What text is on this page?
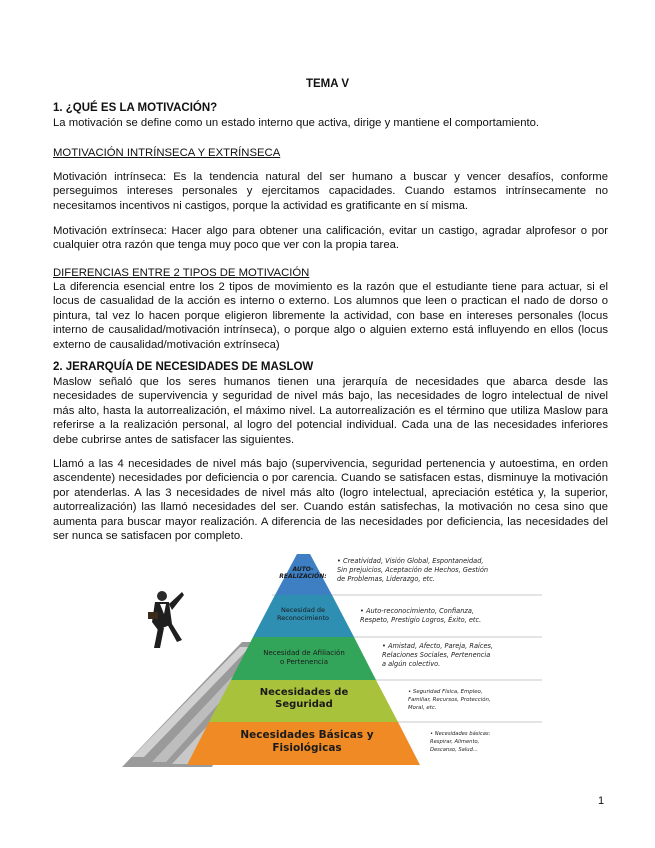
TEMA V
1. ¿QUÉ ES LA MOTIVACIÓN?
La motivación se define como un estado interno que activa, dirige y mantiene el comportamiento.
MOTIVACIÓN INTRÍNSECA Y EXTRÍNSECA
Motivación intrínseca: Es la tendencia natural del ser humano a buscar y vencer desafíos, conforme perseguimos intereses personales y ejercitamos capacidades. Cuando estamos intrínsecamente no necesitamos incentivos ni castigos, porque la actividad es gratificante en sí misma.
Motivación extrínseca: Hacer algo para obtener una calificación, evitar un castigo, agradar alprofesor o por cualquier otra razón que tenga muy poco que ver con la propia tarea.
DIFERENCIAS ENTRE 2 TIPOS DE MOTIVACIÓN
La diferencia esencial entre los 2 tipos de movimiento es la razón que el estudiante tiene para actuar, si el locus de casualidad de la acción es interno o externo. Los alumnos que leen o practican el nado de dorso o pintura, tal vez lo hacen porque eligieron libremente la actividad, con base en intereses personales (locus interno de causalidad/motivación intrínseca), o porque algo o alguien externo está influyendo en ellos (locus externo de causalidad/motivación extrínseca)
2. JERARQUÍA DE NECESIDADES DE MASLOW
Maslow señaló que los seres humanos tienen una jerarquía de necesidades que abarca desde las necesidades de supervivencia y seguridad de nivel más bajo, las necesidades de logro intelectual de nivel más alto, hasta la autorrealización, el máximo nivel. La autorrealización es el término que utiliza Maslow para referirse a la realización personal, al logro del potencial individual. Cada una de las necesidades inferiores debe cubrirse antes de satisfacer las siguientes.
Llamó a las 4 necesidades de nivel más bajo (supervivencia, seguridad pertenencia y autoestima, en orden ascendente) necesidades por deficiencia o por carencia. Cuando se satisfacen estas, disminuye la motivación por atenderlas. A las 3 necesidades de nivel más alto (logro intelectual, apreciación estética y, la superior, autorrealización) las llamó necesidades del ser. Cuando están satisfechas, la motivación no cesa sino que aumenta para buscar mayor realización. A diferencia de las necesidades por deficiencia, las necesidades del ser nunca se satisfacen por completo.
AUTO-
REALIZACIÓN:
Necesidad de
Reconocimiento
Necesidad de Afiliación
o Pertenencia
Necesidades de
Seguridad
Necesidades Básicas y
Fisiológicas
• Creatividad, Visión Global, Espontaneidad,
Sin prejuicios, Aceptación de Hechos, Gestión
de Problemas, Liderazgo, etc.
• Auto-reconocimiento, Confianza,
Respeto, Prestigio Logros, Éxito, etc.
• Amistad, Afecto, Pareja, Raíces,
Relaciones Sociales, Pertenencia
a algún colectivo.
• Seguridad Física, Empleo,
Familiar, Recursos, Protección,
Moral, etc.
• Necesidades básicas:
Respirar, Alimento,
Descanso, Salud...
1
